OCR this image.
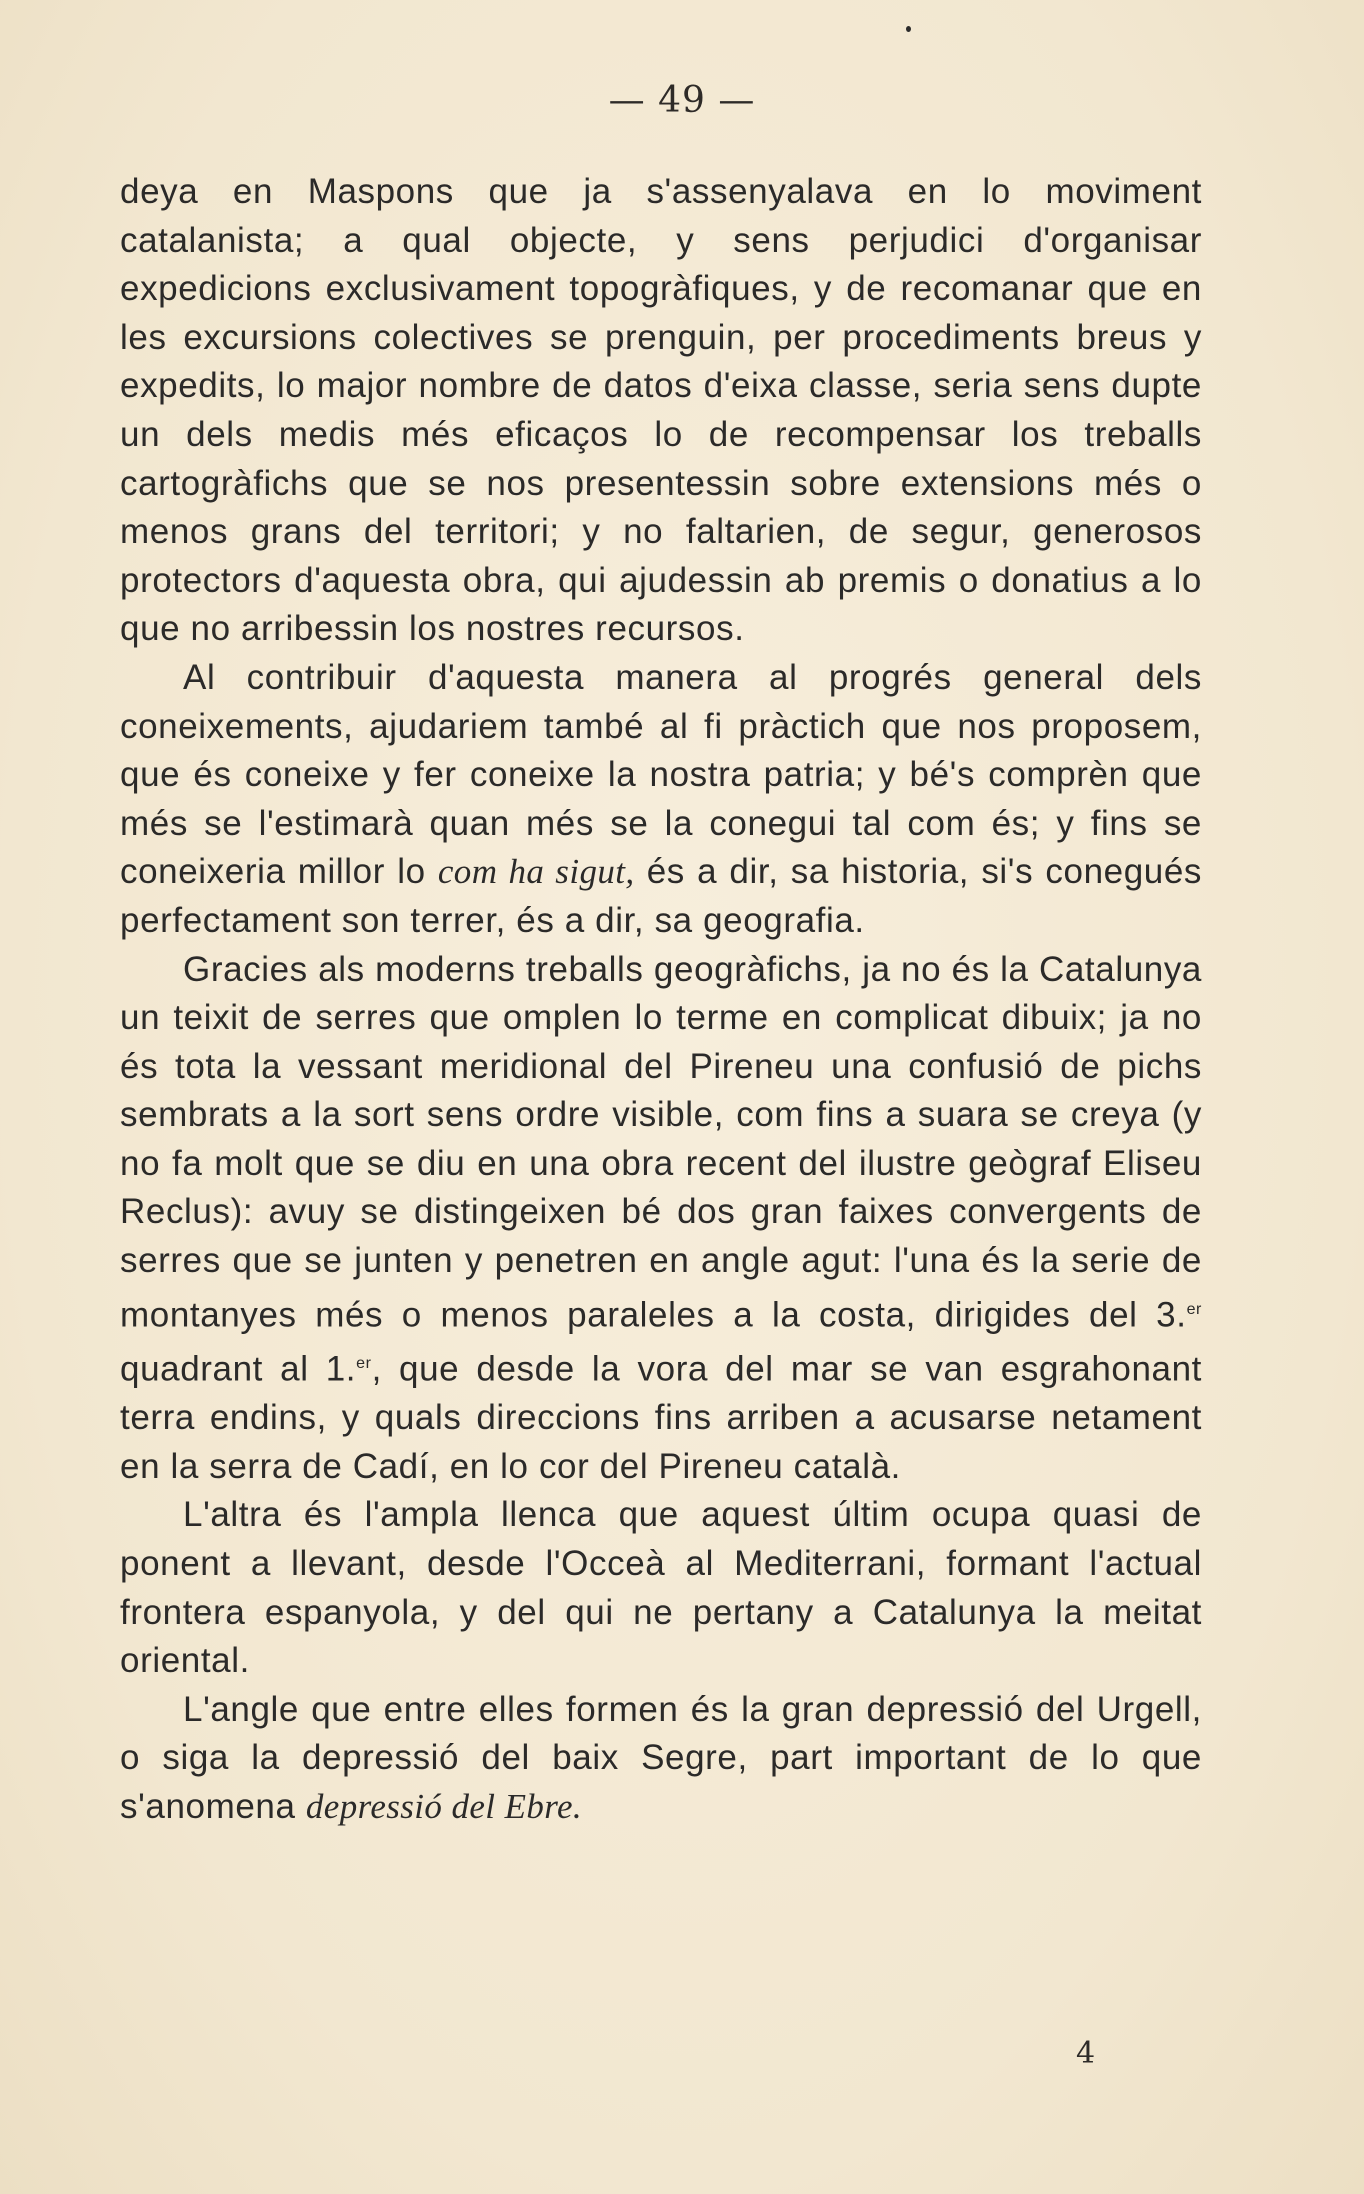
— 49 —

deya en Maspons que ja s'assenyalava en lo moviment catalanista; a qual objecte, y sens perjudici d'organisar expedicions exclusivament topogràfiques, y de recomanar que en les excursions colectives se prenguin, per procediments breus y expedits, lo major nombre de datos d'eixa classe, seria sens dupte un dels medis més eficaços lo de recompensar los treballs cartogràfichs que se nos presentessin sobre extensions més o menos grans del territori; y no faltarien, de segur, generosos protectors d'aquesta obra, qui ajudessin ab premis o donatius a lo que no arribessin los nostres recursos.

Al contribuir d'aquesta manera al progrés general dels coneixements, ajudariem també al fi pràctich que nos proposem, que és coneixe y fer coneixe la nostra patria; y bé's comprèn que més se l'estimarà quan més se la conegui tal com és; y fins se coneixeria millor lo com ha sigut, és a dir, sa historia, si's conegués perfectament son terrer, és a dir, sa geografia.

Gracies als moderns treballs geogràfichs, ja no és la Catalunya un teixit de serres que omplen lo terme en complicat dibuix; ja no és tota la vessant meridional del Pireneu una confusió de pichs sembrats a la sort sens ordre visible, com fins a suara se creya (y no fa molt que se diu en una obra recent del ilustre geògraf Eliseu Reclus): avuy se distingeixen bé dos gran faixes convergents de serres que se junten y penetren en angle agut: l'una és la serie de montanyes més o menos paraleles a la costa, dirigides del 3.$^{er}$ quadrant al 1.$^{er}$, que desde la vora del mar se van esgrahonant terra endins, y quals direccions fins arriben a acusarse netament en la serra de Cadí, en lo cor del Pireneu català.

L'altra és l'ampla llenca que aquest últim ocupa quasi de ponent a llevant, desde l'Occeà al Mediterrani, formant l'actual frontera espanyola, y del qui ne pertany a Catalunya la meitat oriental.

L'angle que entre elles formen és la gran depressió del Urgell, o siga la depressió del baix Segre, part important de lo que s'anomena depressió del Ebre.

4
